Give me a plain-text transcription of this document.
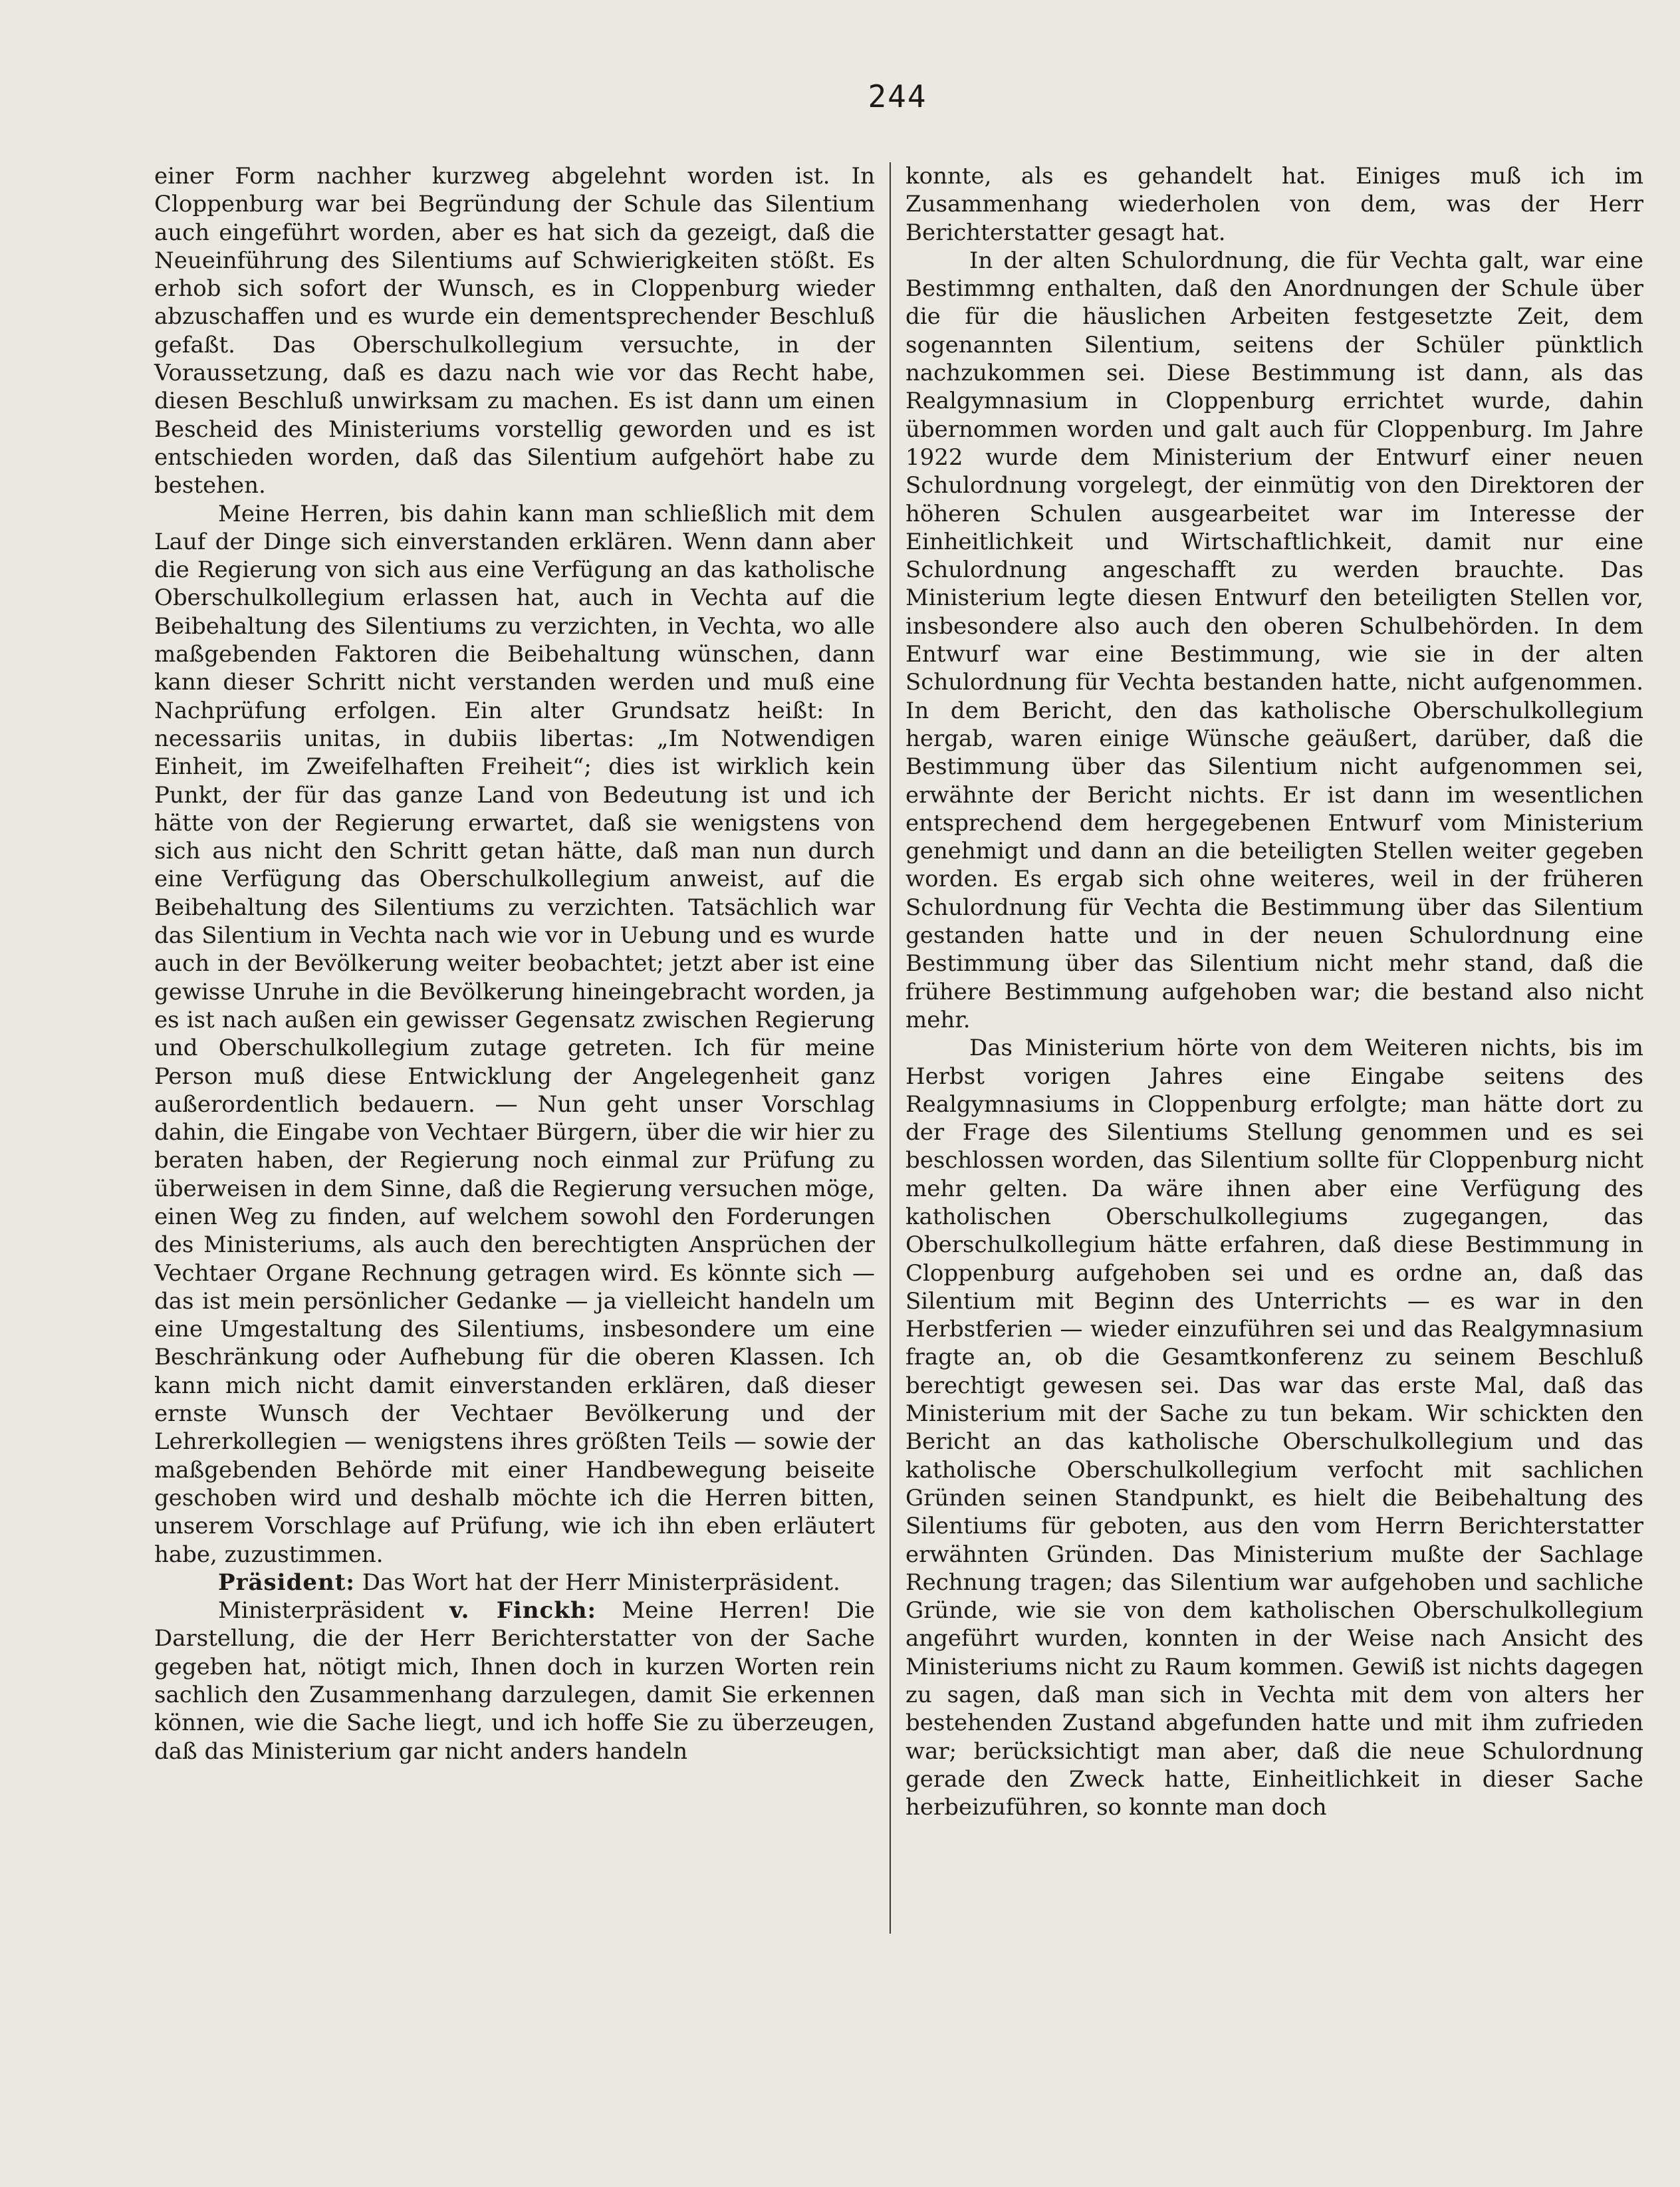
244

einer Form nachher kurzweg abgelehnt worden ist. In Cloppenburg war bei Begründung der Schule das Silentium auch eingeführt worden, aber es hat sich da gezeigt, daß die Neueinführung des Silentiums auf Schwierigkeiten stößt. Es erhob sich sofort der Wunsch, es in Cloppenburg wieder abzuschaffen und es wurde ein dementsprechender Beschluß gefaßt. Das Oberschulkollegium versuchte, in der Voraussetzung, daß es dazu nach wie vor das Recht habe, diesen Beschluß unwirksam zu machen. Es ist dann um einen Bescheid des Ministeriums vorstellig geworden und es ist entschieden worden, daß das Silentium aufgehört habe zu bestehen.

Meine Herren, bis dahin kann man schließlich mit dem Lauf der Dinge sich einverstanden erklären. Wenn dann aber die Regierung von sich aus eine Verfügung an das katholische Oberschulkollegium erlassen hat, auch in Vechta auf die Beibehaltung des Silentiums zu verzichten, in Vechta, wo alle maßgebenden Faktoren die Beibehaltung wünschen, dann kann dieser Schritt nicht verstanden werden und muß eine Nachprüfung erfolgen. Ein alter Grundsatz heißt: In necessariis unitas, in dubiis libertas: „Im Notwendigen Einheit, im Zweifelhaften Freiheit“; dies ist wirklich kein Punkt, der für das ganze Land von Bedeutung ist und ich hätte von der Regierung erwartet, daß sie wenigstens von sich aus nicht den Schritt getan hätte, daß man nun durch eine Verfügung das Oberschulkollegium anweist, auf die Beibehaltung des Silentiums zu verzichten. Tatsächlich war das Silentium in Vechta nach wie vor in Uebung und es wurde auch in der Bevölkerung weiter beobachtet; jetzt aber ist eine gewisse Unruhe in die Bevölkerung hineingebracht worden, ja es ist nach außen ein gewisser Gegensatz zwischen Regierung und Oberschulkollegium zutage getreten. Ich für meine Person muß diese Entwicklung der Angelegenheit ganz außerordentlich bedauern. — Nun geht unser Vorschlag dahin, die Eingabe von Vechtaer Bürgern, über die wir hier zu beraten haben, der Regierung noch einmal zur Prüfung zu überweisen in dem Sinne, daß die Regierung versuchen möge, einen Weg zu finden, auf welchem sowohl den Forderungen des Ministeriums, als auch den berechtigten Ansprüchen der Vechtaer Organe Rechnung getragen wird. Es könnte sich — das ist mein persönlicher Gedanke — ja vielleicht handeln um eine Umgestaltung des Silentiums, insbesondere um eine Beschränkung oder Aufhebung für die oberen Klassen. Ich kann mich nicht damit einverstanden erklären, daß dieser ernste Wunsch der Vechtaer Bevölkerung und der Lehrerkollegien — wenigstens ihres größten Teils — sowie der maßgebenden Behörde mit einer Handbewegung beiseite geschoben wird und deshalb möchte ich die Herren bitten, unserem Vorschlage auf Prüfung, wie ich ihn eben erläutert habe, zuzustimmen.

Präsident: Das Wort hat der Herr Ministerpräsident.

Ministerpräsident v. Finckh: Meine Herren! Die Darstellung, die der Herr Berichterstatter von der Sache gegeben hat, nötigt mich, Ihnen doch in kurzen Worten rein sachlich den Zusammenhang darzulegen, damit Sie erkennen können, wie die Sache liegt, und ich hoffe Sie zu überzeugen, daß das Ministerium gar nicht anders handeln

konnte, als es gehandelt hat. Einiges muß ich im Zusammenhang wiederholen von dem, was der Herr Berichterstatter gesagt hat.

In der alten Schulordnung, die für Vechta galt, war eine Bestimmng enthalten, daß den Anordnungen der Schule über die für die häuslichen Arbeiten festgesetzte Zeit, dem sogenannten Silentium, seitens der Schüler pünktlich nachzukommen sei. Diese Bestimmung ist dann, als das Realgymnasium in Cloppenburg errichtet wurde, dahin übernommen worden und galt auch für Cloppenburg. Im Jahre 1922 wurde dem Ministerium der Entwurf einer neuen Schulordnung vorgelegt, der einmütig von den Direktoren der höheren Schulen ausgearbeitet war im Interesse der Einheitlichkeit und Wirtschaftlichkeit, damit nur eine Schulordnung angeschafft zu werden brauchte. Das Ministerium legte diesen Entwurf den beteiligten Stellen vor, insbesondere also auch den oberen Schulbehörden. In dem Entwurf war eine Bestimmung, wie sie in der alten Schulordnung für Vechta bestanden hatte, nicht aufgenommen. In dem Bericht, den das katholische Oberschulkollegium hergab, waren einige Wünsche geäußert, darüber, daß die Bestimmung über das Silentium nicht aufgenommen sei, erwähnte der Bericht nichts. Er ist dann im wesentlichen entsprechend dem hergegebenen Entwurf vom Ministerium genehmigt und dann an die beteiligten Stellen weiter gegeben worden. Es ergab sich ohne weiteres, weil in der früheren Schulordnung für Vechta die Bestimmung über das Silentium gestanden hatte und in der neuen Schulordnung eine Bestimmung über das Silentium nicht mehr stand, daß die frühere Bestimmung aufgehoben war; die bestand also nicht mehr.

Das Ministerium hörte von dem Weiteren nichts, bis im Herbst vorigen Jahres eine Eingabe seitens des Realgymnasiums in Cloppenburg erfolgte; man hätte dort zu der Frage des Silentiums Stellung genommen und es sei beschlossen worden, das Silentium sollte für Cloppenburg nicht mehr gelten. Da wäre ihnen aber eine Verfügung des katholischen Oberschulkollegiums zugegangen, das Oberschulkollegium hätte erfahren, daß diese Bestimmung in Cloppenburg aufgehoben sei und es ordne an, daß das Silentium mit Beginn des Unterrichts — es war in den Herbstferien — wieder einzuführen sei und das Realgymnasium fragte an, ob die Gesamtkonferenz zu seinem Beschluß berechtigt gewesen sei. Das war das erste Mal, daß das Ministerium mit der Sache zu tun bekam. Wir schickten den Bericht an das katholische Oberschulkollegium und das katholische Oberschulkollegium verfocht mit sachlichen Gründen seinen Standpunkt, es hielt die Beibehaltung des Silentiums für geboten, aus den vom Herrn Berichterstatter erwähnten Gründen. Das Ministerium mußte der Sachlage Rechnung tragen; das Silentium war aufgehoben und sachliche Gründe, wie sie von dem katholischen Oberschulkollegium angeführt wurden, konnten in der Weise nach Ansicht des Ministeriums nicht zu Raum kommen. Gewiß ist nichts dagegen zu sagen, daß man sich in Vechta mit dem von alters her bestehenden Zustand abgefunden hatte und mit ihm zufrieden war; berücksichtigt man aber, daß die neue Schulordnung gerade den Zweck hatte, Einheitlichkeit in dieser Sache herbeizuführen, so konnte man doch
